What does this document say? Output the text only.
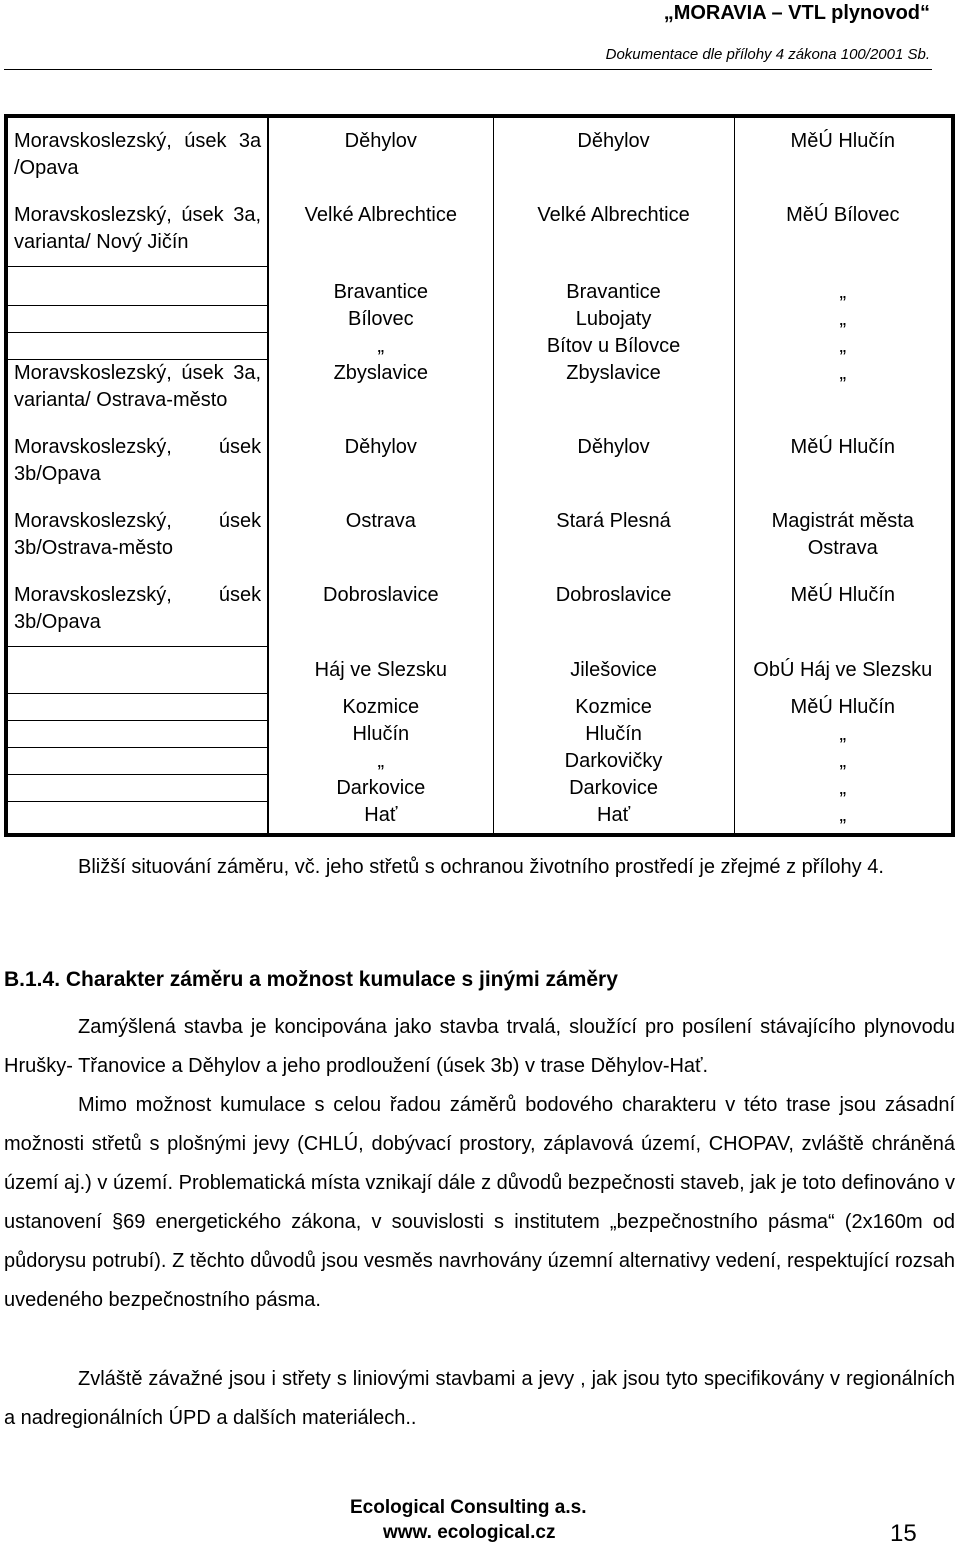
„MORAVIA – VTL plynovod“
Dokumentace dle přílohy 4 zákona 100/2001 Sb.
Moravskoslezský, úsek 3a /Opava	Děhylov	Děhylov	MěÚ Hlučín
Moravskoslezský, úsek 3a, varianta/ Nový Jičín	Velké Albrechtice	Velké Albrechtice	MěÚ Bílovec
	Bravantice	Bravantice	„
	Bílovec	Lubojaty	„
	„	Bítov u Bílovce	„
Moravskoslezský, úsek 3a, varianta/ Ostrava-město	Zbyslavice	Zbyslavice	„
Moravskoslezský, úsek 3b/Opava	Děhylov	Děhylov	MěÚ Hlučín
Moravskoslezský, úsek 3b/Ostrava-město	Ostrava	Stará Plesná	Magistrát města Ostrava
Moravskoslezský, úsek 3b/Opava	Dobroslavice	Dobroslavice	MěÚ Hlučín
	Háj ve Slezsku	Jilešovice	ObÚ Háj ve Slezsku
	Kozmice	Kozmice	MěÚ Hlučín
	Hlučín	Hlučín	„
	„	Darkovičky	„
	Darkovice	Darkovice	„
	Hať	Hať	„
Bližší situování záměru, vč. jeho střetů s ochranou životního prostředí je zřejmé z přílohy 4.
B.1.4. Charakter záměru a možnost kumulace s jinými záměry
Zamýšlená stavba je koncipována jako stavba trvalá, sloužící pro posílení stávajícího plynovodu Hrušky- Třanovice a Děhylov a jeho prodloužení (úsek 3b) v trase Děhylov-Hať.
Mimo možnost kumulace s celou řadou záměrů bodového charakteru v této trase jsou zásadní možnosti střetů s plošnými jevy (CHLÚ, dobývací prostory, záplavová území, CHOPAV, zvláště chráněná území aj.) v území. Problematická místa vznikají dále z důvodů bezpečnosti staveb, jak je toto definováno v ustanovení §69 energetického zákona, v souvislosti s institutem „bezpečnostního pásma“ (2x160m od půdorysu potrubí). Z těchto důvodů jsou vesměs navrhovány územní alternativy vedení, respektující rozsah uvedeného bezpečnostního pásma.
Zvláště závažné jsou i střety s liniovými stavbami a jevy , jak jsou tyto specifikovány v regionálních a nadregionálních ÚPD a dalších materiálech..
Ecological Consulting a.s.
www. ecological.cz	15
